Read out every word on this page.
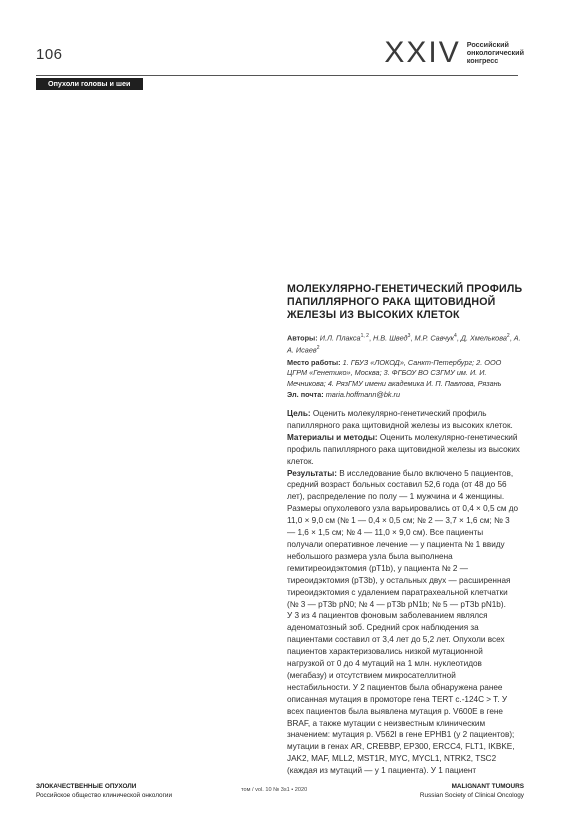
106	XXIV Российский
онкологический
конгресс
Опухоли головы и шеи
МОЛЕКУЛЯРНО-ГЕНЕТИЧЕСКИЙ ПРОФИЛЬ ПАПИЛЛЯРНОГО РАКА ЩИТОВИДНОЙ ЖЕЛЕЗЫ ИЗ ВЫСОКИХ КЛЕТОК

Авторы: И.Л. Плакса$^{1, 2}$, Н.В. Швед$^3$, М.Р. Савчук$^4$, Д. Хмелькова$^2$, А. А. Исаев$^2$

Место работы: 1. ГБУЗ «ЛОКОД», Санкт-Петербург; 2. ООО ЦГРМ «Генетико», Москва; 3. ФГБОУ ВО СЗГМУ им. И. И. Мечникова; 4. РязГМУ имени академика И. П. Павлова, Рязань

Эл. почта: maria.hoffmann@bk.ru

Цель: Оценить молекулярно-генетический профиль папиллярного рака щитовидной железы из высоких клеток.

Материалы и методы: Оценить молекулярно-генетический профиль папиллярного рака щитовидной железы из высоких клеток.

Результаты: В исследование было включено 5 пациентов, средний возраст больных составил 52,6 года (от 48 до 56 лет), распределение по полу — 1 мужчина и 4 женщины. Размеры опухолевого узла варьировались от 0,4 × 0,5 см до 11,0 × 9,0 см (№ 1 — 0,4 × 0,5 см; № 2 — 3,7 × 1,6 см; № 3 — 1,6 × 1,5 см; № 4 — 11,0 × 9,0 см). Все пациенты получали оперативное лечение — у пациента № 1 ввиду небольшого размера узла была выполнена гемитиреоидэктомия (pT1b), у пациента № 2 — тиреоидэктомия (pT3b), у остальных двух — расширенная тиреоидэктомия с удалением паратрахеальной клетчатки (№ 3 — pT3b pN0; № 4 — pT3b pN1b; № 5 — pT3b pN1b).

У 3 из 4 пациентов фоновым заболеванием являлся аденоматозный зоб. Средний срок наблюдения за пациентами составил от 3,4 лет до 5,2 лет. Опухоли всех пациентов характеризовались низкой мутационной нагрузкой от 0 до 4 мутаций на 1 млн. нуклеотидов (мегабазу) и отсутствием микросателлитной нестабильности. У 2 пациентов была обнаружена ранее описанная мутация в промоторе гена TERT c.-124C > T. У всех пациентов была выявлена мутация p. V600E в гене BRAF, а также мутации с неизвестным клиническим значением: мутация p. V562I в гене EPHB1 (у 2 пациентов); мутации в генах AR, CREBBP, EP300, ERCC4, FLT1, IKBKE, JAK2, MAF, MLL2, MST1R, MYC, MYCL1, NTRK2, TSC2 (каждая из мутаций — у 1 пациента). У 1 пациент

ЗЛОКАЧЕСТВЕННЫЕ ОПУХОЛИ
Российское общество клинической онкологии
том / vol. 10 № 3s1 • 2020	MALIGNANT TUMOURS
Russian Society of Clinical Oncology
